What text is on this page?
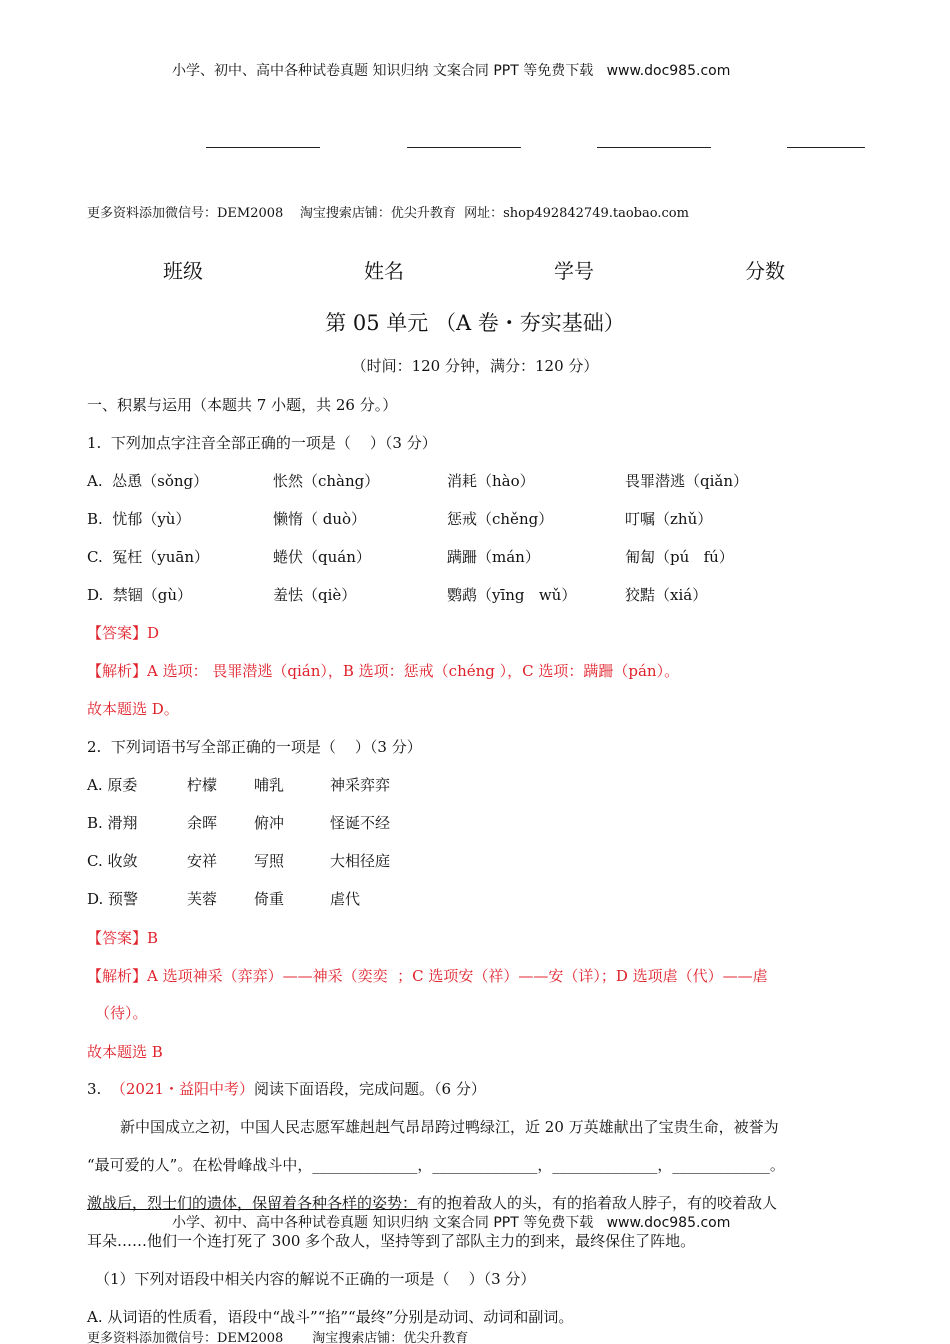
小学、初中、高中各种试卷真题 知识归纳 文案合同 PPT 等免费下载 www.doc985.com
更多资料添加微信号：DEM2008    淘宝搜索店铺：优尖升教育  网址：shop492842749.taobao.com
班级	姓名	学号	分数
第 05 单元 （A 卷・夯实基础）
（时间：120 分钟，满分：120 分）
一、积累与运用（本题共 7 小题，共 26 分。）
1.  下列加点字注音全部正确的一项是（    ）（3 分）
A.  怂恿（sǒng）	怅然（chàng）	消耗（hào）	畏罪潜逃（qiǎn）
B.  忧郁（yù）	懒惰（ duò）	惩戒（chěng）	叮嘱（zhǔ）
C.  冤枉（yuān）	蜷伏（quán）	蹒跚（mán）	匍匐（pú   fú）
D.  禁锢（gù）	羞怯（qiè）	鹦鹉（yīng   wǔ）	狡黠（xiá）
【答案】D
【解析】A 选项： 畏罪潜逃（qián），B 选项：惩戒（chéng ），C 选项：蹒跚（pán）。
故本题选 D。
2.  下列词语书写全部正确的一项是（    ）（3 分）
A. 原委	柠檬 哺乳	神采弈弈
B. 滑翔	余晖 俯冲	怪诞不经
C. 收敛	安祥 写照	大相径庭
D. 预警	芙蓉 倚重	虐代
【答案】B
【解析】A 选项神采（弈弈）——神采（奕奕  ；C 选项安（祥）——安（详）；D 选项虐（代）——虐
（待）。
故本题选 B
3. （2021・益阳中考）阅读下面语段，完成问题。（6 分）
新中国成立之初，中国人民志愿军雄赳赳气昂昂跨过鸭绿江，近 20 万英雄献出了宝贵生命，被誉为
“最可爱的人”。在松骨峰战斗中，______________，______________，______________，_____________。
激战后，烈士们的遗体，保留着各种各样的姿势：有的抱着敌人的头，有的掐着敌人脖子，有的咬着敌人
小学、初中、高中各种试卷真题 知识归纳 文案合同 PPT 等免费下载 www.doc985.com
耳朵……他们一个连打死了 300 多个敌人，坚持等到了部队主力的到来，最终保住了阵地。
（1）下列对语段中相关内容的解说不正确的一项是（    ）（3 分）
A. 从词语的性质看，语段中“战斗”“掐”“最终”分别是动词、动词和副词。
更多资料添加微信号：DEM2008       淘宝搜索店铺：优尖升教育
